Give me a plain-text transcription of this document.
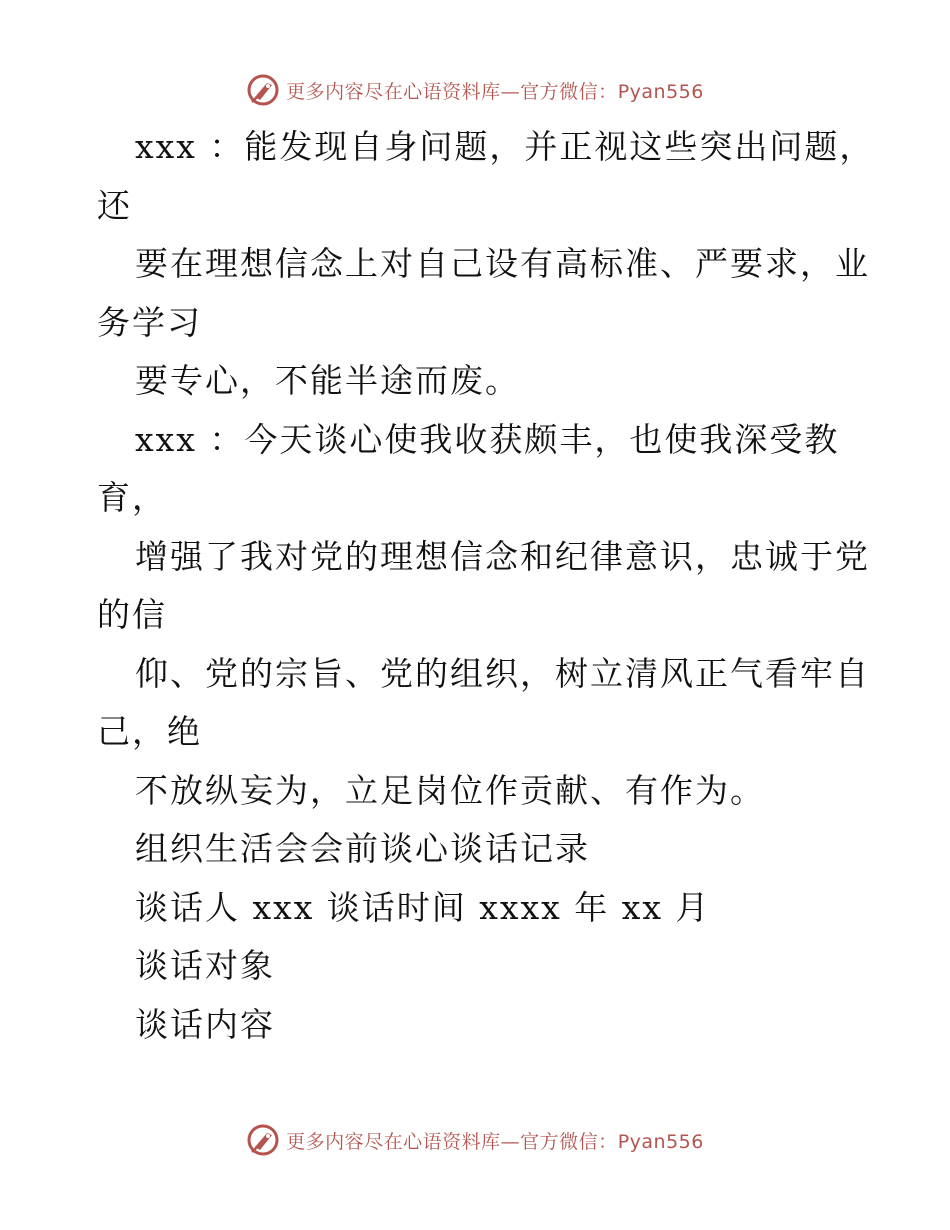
更多内容尽在心语资料库—官方微信：Pyan556
xxx ：能发现自身问题，并正视这些突出问题，
还
要在理想信念上对自己设有高标准、严要求，业
务学习
要专心，不能半途而废。
xxx ：今天谈心使我收获颇丰，也使我深受教
育，
增强了我对党的理想信念和纪律意识，忠诚于党
的信
仰、党的宗旨、党的组织，树立清风正气看牢自
己，绝
不放纵妄为，立足岗位作贡献、有作为。
组织生活会会前谈心谈话记录
谈话人 xxx 谈话时间 xxxx 年 xx 月
谈话对象
谈话内容
更多内容尽在心语资料库—官方微信：Pyan556
